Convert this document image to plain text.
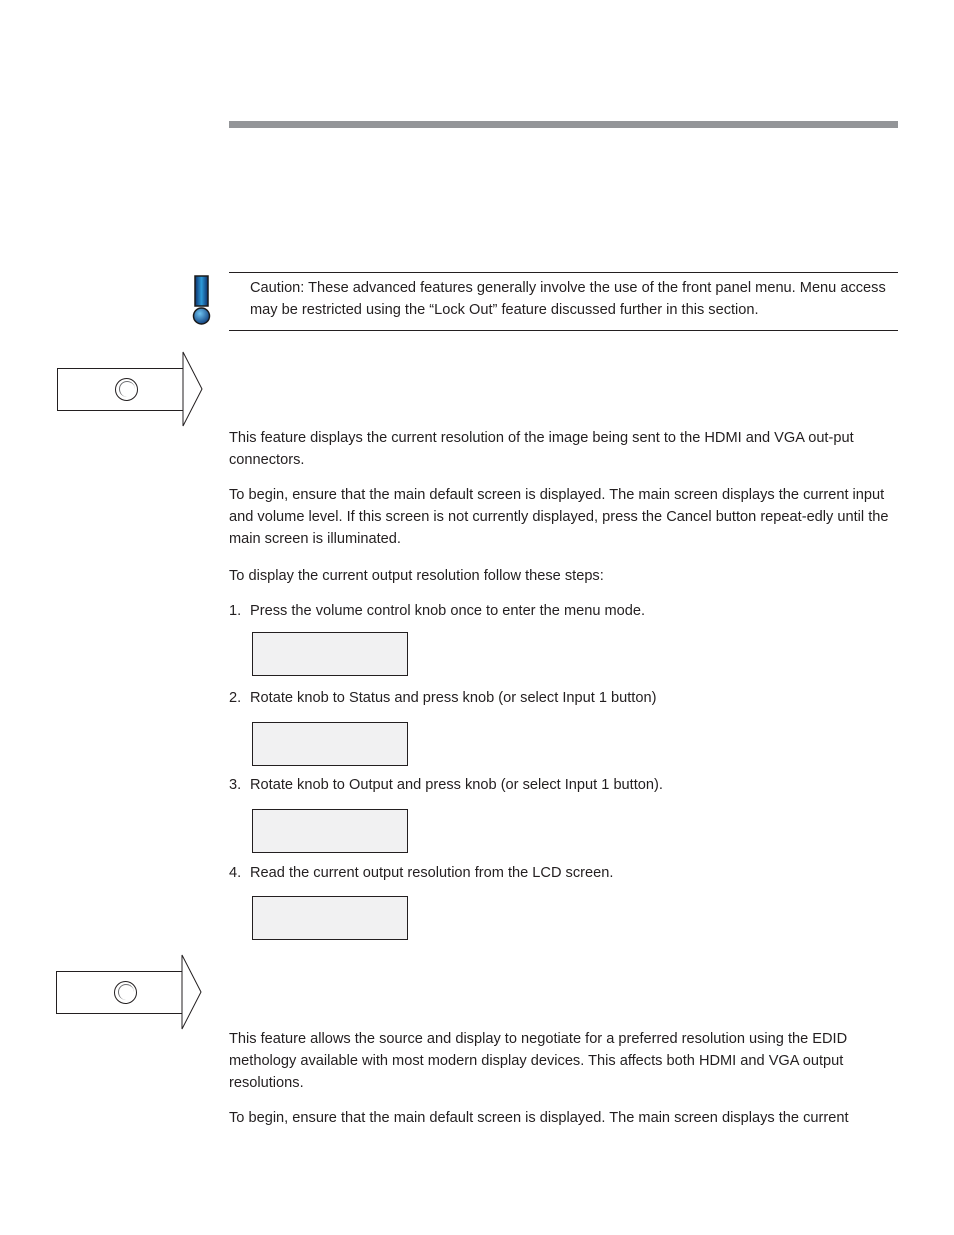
Caution: These advanced features generally involve the use of the front panel menu. Menu access may be restricted using the “Lock Out” feature discussed further in this section.
This feature displays the current resolution of the image being sent to the HDMI and VGA out-put connectors.
To begin, ensure that the main default screen is displayed. The main screen displays the current input and volume level. If this screen is not currently displayed, press the Cancel button repeat-edly until the main screen is illuminated.
To display the current output resolution follow these steps:
1. Press the volume control knob once to enter the menu mode.
2. Rotate knob to Status and press knob (or select Input 1 button)
3. Rotate knob to Output and press knob (or select Input 1 button).
4. Read the current output resolution from the LCD screen.
This feature allows the source and display to negotiate for a preferred resolution using the EDID methology available with most modern display devices. This affects both HDMI and VGA output resolutions.
To begin, ensure that the main default screen is displayed. The main screen displays the current
